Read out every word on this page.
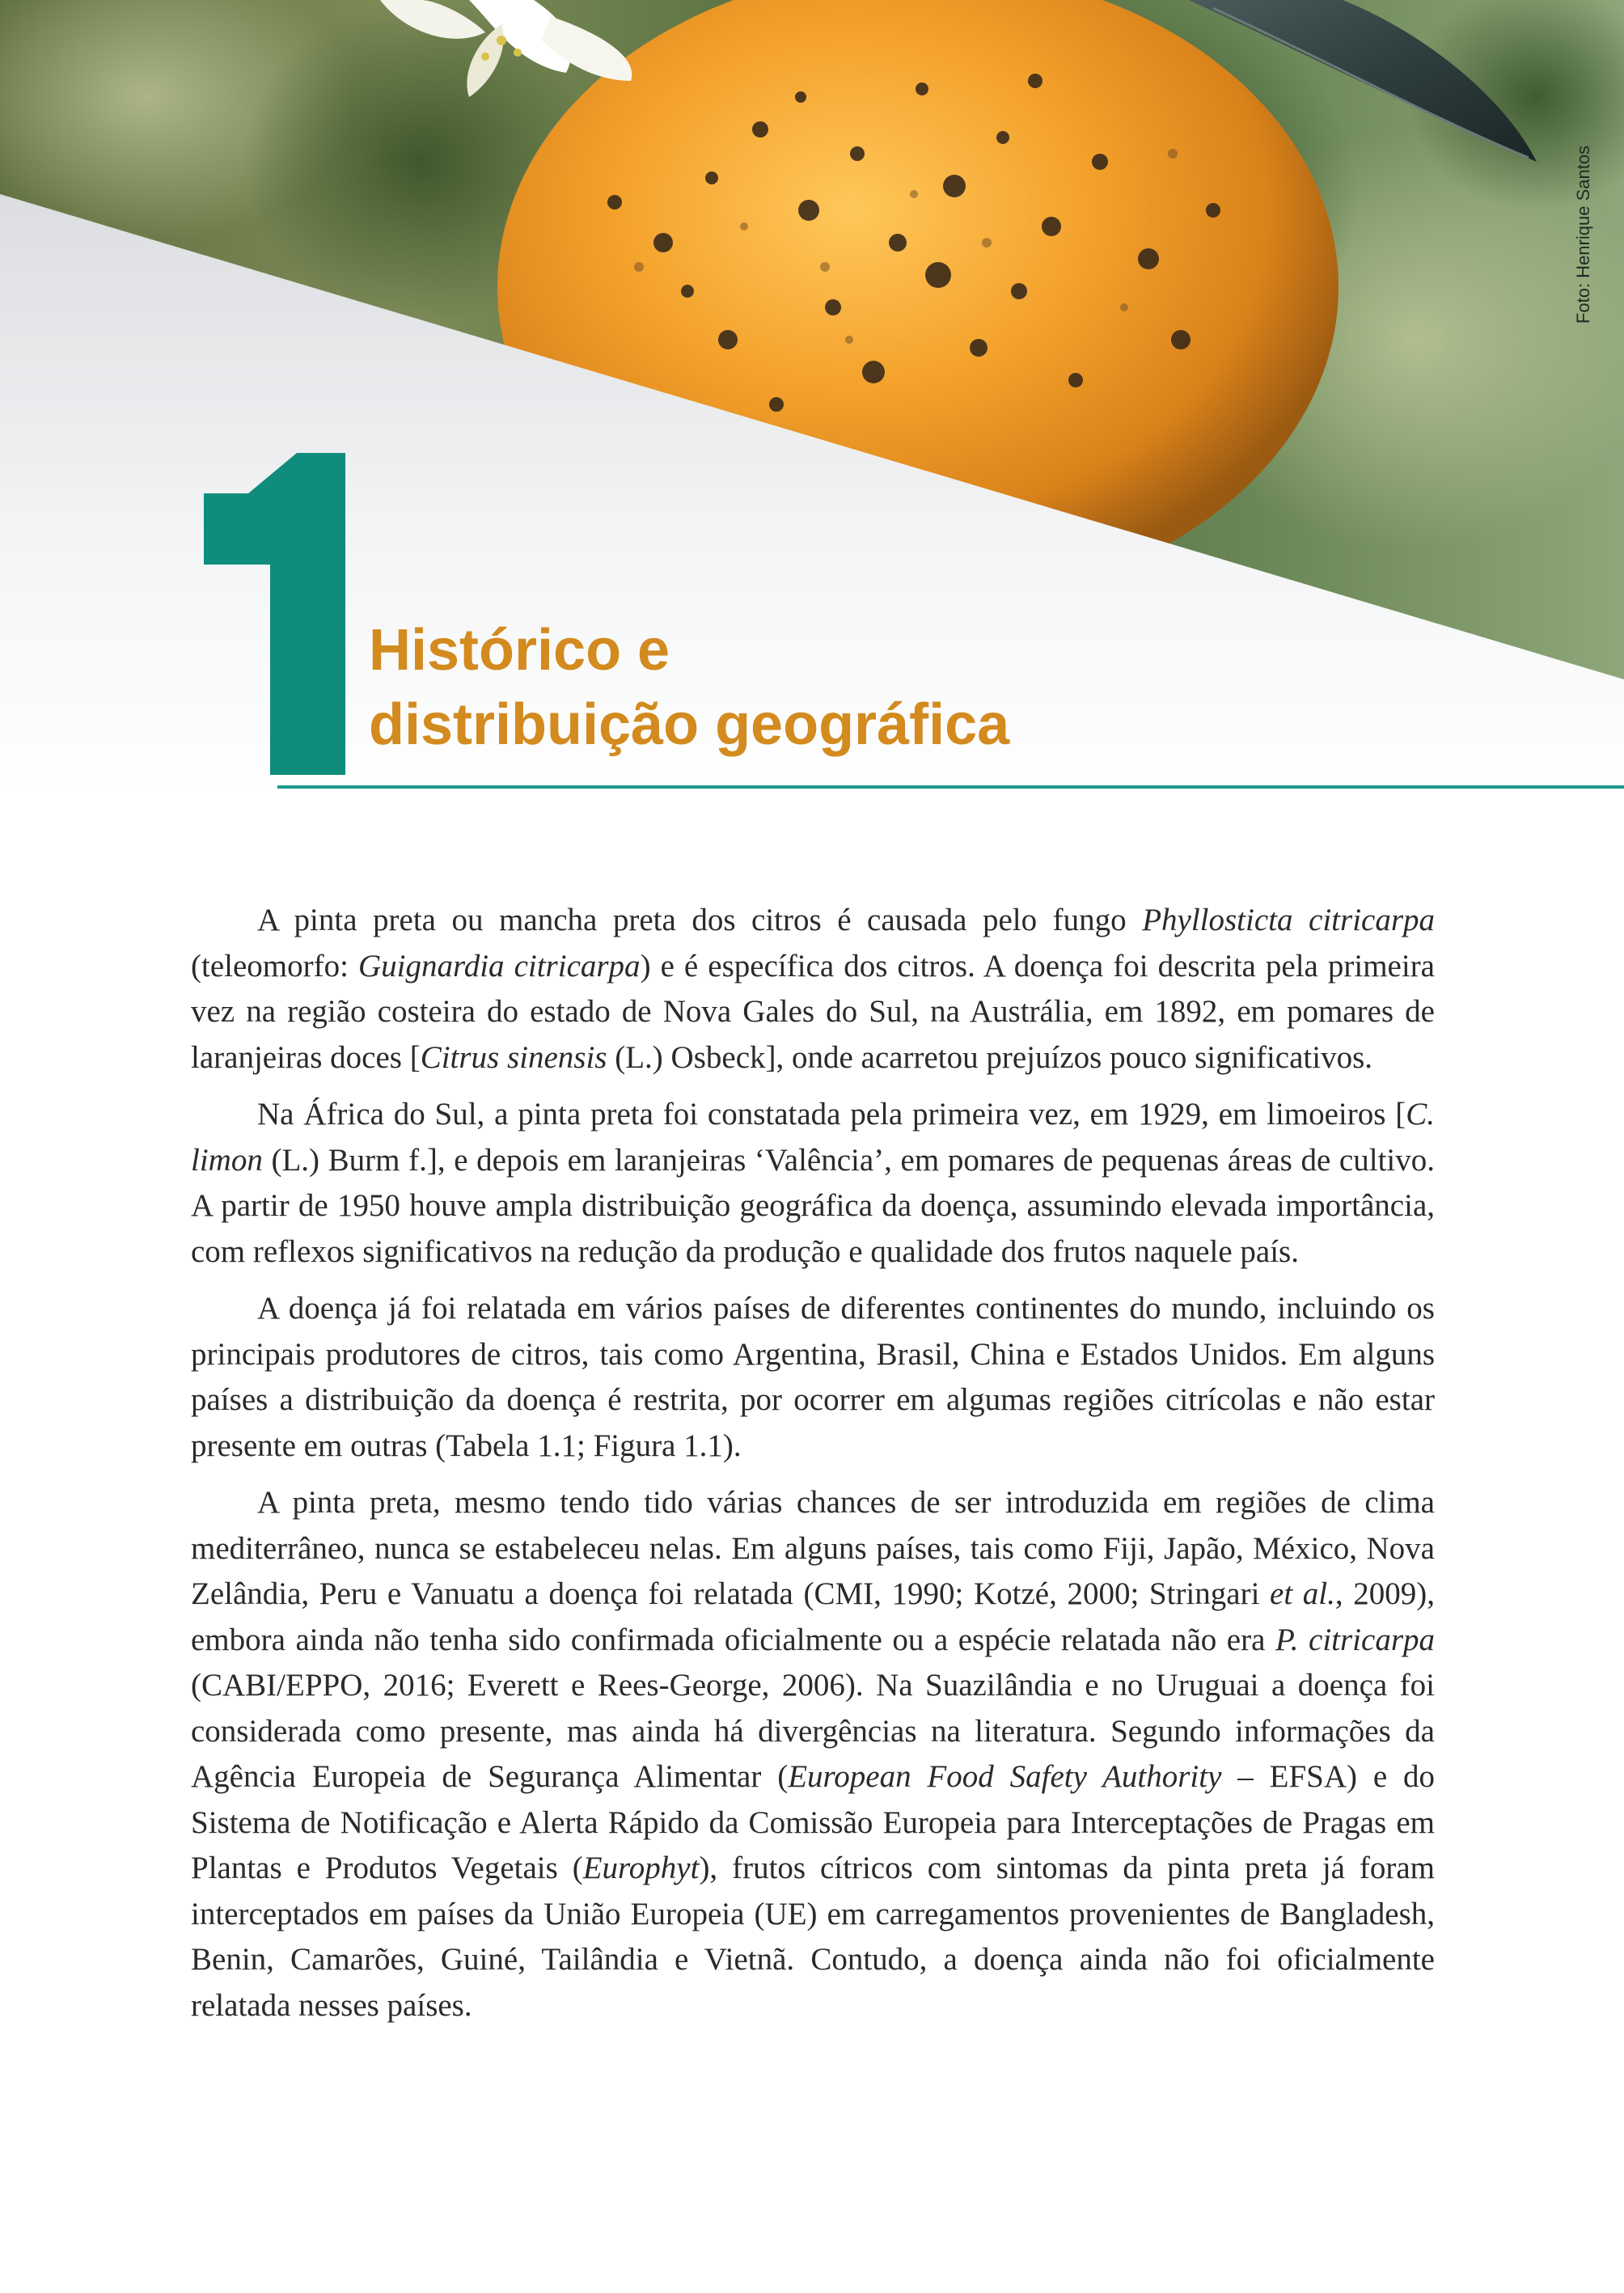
Foto: Henrique Santos
Histórico e
distribuição geográfica

A pinta preta ou mancha preta dos citros é causada pelo fungo Phyllosticta citricarpa (teleomorfo: Guignardia citricarpa) e é específica dos citros. A doença foi descrita pela primeira vez na região costeira do estado de Nova Gales do Sul, na Austrália, em 1892, em pomares de laranjeiras doces [Citrus sinensis (L.) Osbeck], onde acarretou prejuízos pouco significativos.

Na África do Sul, a pinta preta foi constatada pela primeira vez, em 1929, em limoeiros [C. limon (L.) Burm f.], e depois em laranjeiras ‘Valência’, em pomares de pequenas áreas de cultivo. A partir de 1950 houve ampla distribuição geográfica da doença, assumindo elevada importância, com reflexos significativos na redução da produção e qualidade dos frutos naquele país.

A doença já foi relatada em vários países de diferentes continentes do mundo, incluindo os principais produtores de citros, tais como Argentina, Brasil, China e Estados Unidos. Em alguns países a distribuição da doença é restrita, por ocorrer em algumas regiões citrícolas e não estar presente em outras (Tabela 1.1; Figura 1.1).

A pinta preta, mesmo tendo tido várias chances de ser introduzida em regiões de clima mediterrâneo, nunca se estabeleceu nelas. Em alguns países, tais como Fiji, Japão, México, Nova Zelândia, Peru e Vanuatu a doença foi relatada (CMI, 1990; Kotzé, 2000; Stringari et al., 2009), embora ainda não tenha sido confirmada oficialmente ou a espécie relatada não era P. citricarpa (CABI/EPPO, 2016; Everett e Rees-George, 2006). Na Suazilândia e no Uruguai a doença foi considerada como presente, mas ainda há divergências na literatura. Segundo informações da Agência Europeia de Segurança Alimentar (European Food Safety Authority – EFSA) e do Sistema de Notificação e Alerta Rápido da Comissão Europeia para Interceptações de Pragas em Plantas e Produtos Vegetais (Europhyt), frutos cítricos com sintomas da pinta preta já foram interceptados em países da União Europeia (UE) em carregamentos provenientes de Bangladesh, Benin, Camarões, Guiné, Tailândia e Vietnã. Contudo, a doença ainda não foi oficialmente relatada nesses países.
